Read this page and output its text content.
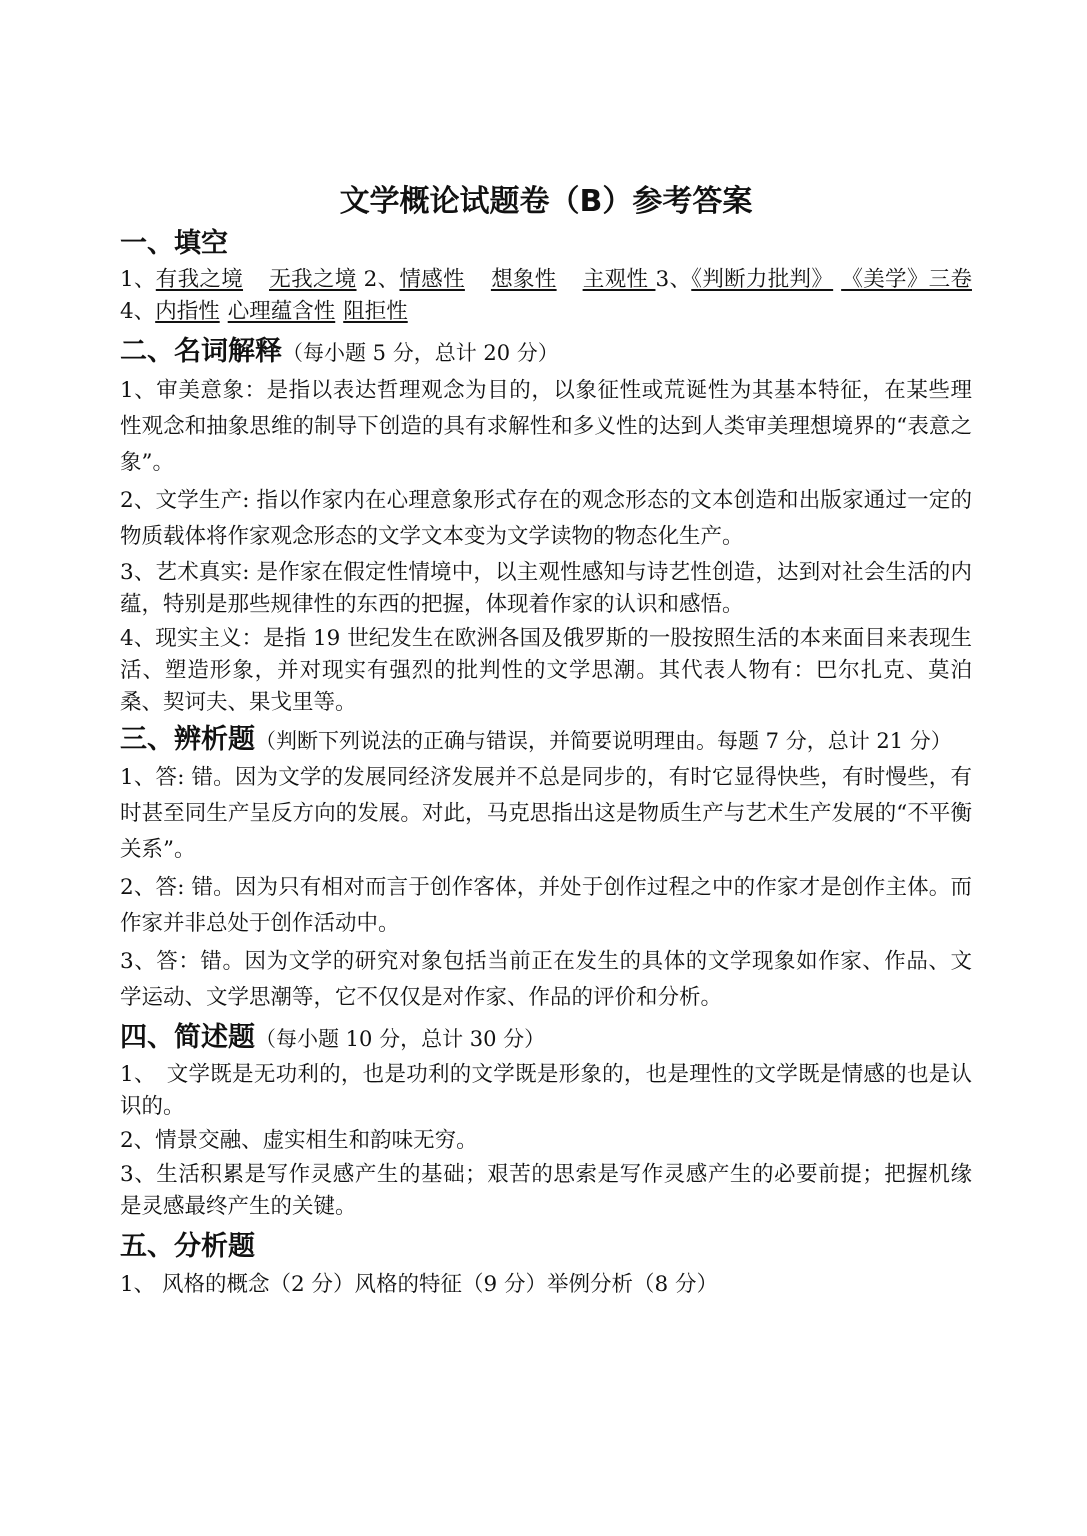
文学概论试题卷（B）参考答案
一、填空

1、有我之境 无我之境 2、情感性 想象性 主观性 3、《判断力批判》 《美学》三卷 4、内指性 心理蕴含性 阻拒性

二、名词解释（每小题 5 分，总计 20 分）

1、审美意象：是指以表达哲理观念为目的，以象征性或荒诞性为其基本特征，在某些理性观念和抽象思维的制导下创造的具有求解性和多义性的达到人类审美理想境界的“表意之象”。

2、文学生产: 指以作家内在心理意象形式存在的观念形态的文本创造和出版家通过一定的物质载体将作家观念形态的文学文本变为文学读物的物态化生产。

3、艺术真实: 是作家在假定性情境中，以主观性感知与诗艺性创造，达到对社会生活的内蕴，特别是那些规律性的东西的把握，体现着作家的认识和感悟。

4、现实主义：是指 19 世纪发生在欧洲各国及俄罗斯的一股按照生活的本来面目来表现生活、塑造形象，并对现实有强烈的批判性的文学思潮。其代表人物有：巴尔扎克、莫泊桑、契诃夫、果戈里等。

三、辨析题（判断下列说法的正确与错误，并简要说明理由。每题 7 分，总计 21 分）

1、答: 错。因为文学的发展同经济发展并不总是同步的，有时它显得快些，有时慢些，有时甚至同生产呈反方向的发展。对此，马克思指出这是物质生产与艺术生产发展的“不平衡关系”。

2、答: 错。因为只有相对而言于创作客体，并处于创作过程之中的作家才是创作主体。而作家并非总处于创作活动中。

3、答：错。因为文学的研究对象包括当前正在发生的具体的文学现象如作家、作品、文学运动、文学思潮等，它不仅仅是对作家、作品的评价和分析。

四、简述题（每小题 10 分，总计 30 分）

1、　文学既是无功利的，也是功利的文学既是形象的，也是理性的文学既是情感的也是认识的。

2、情景交融、虚实相生和韵味无穷。

3、生活积累是写作灵感产生的基础；艰苦的思索是写作灵感产生的必要前提；把握机缘是灵感最终产生的关键。

五、分析题

1、 风格的概念（2 分）风格的特征（9 分）举例分析（8 分）
